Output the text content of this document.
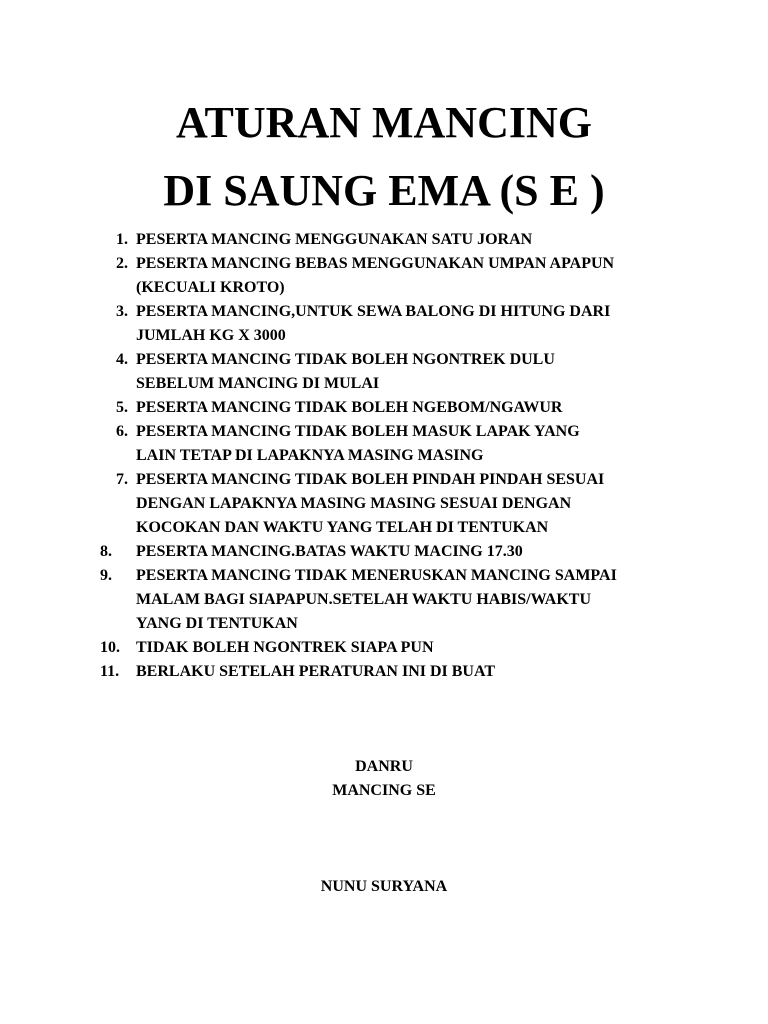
ATURAN MANCING
DI SAUNG EMA (S E )
1. PESERTA MANCING MENGGUNAKAN SATU JORAN
2. PESERTA MANCING BEBAS MENGGUNAKAN UMPAN APAPUN
(KECUALI KROTO)
3. PESERTA MANCING,UNTUK SEWA BALONG DI HITUNG DARI
JUMLAH KG X 3000
4. PESERTA MANCING TIDAK BOLEH NGONTREK DULU
SEBELUM MANCING DI MULAI
5. PESERTA MANCING TIDAK BOLEH NGEBOM/NGAWUR
6. PESERTA MANCING TIDAK BOLEH MASUK LAPAK YANG
LAIN TETAP DI LAPAKNYA MASING MASING
7. PESERTA MANCING TIDAK BOLEH PINDAH PINDAH SESUAI
DENGAN LAPAKNYA MASING MASING SESUAI DENGAN
KOCOKAN DAN WAKTU YANG TELAH DI TENTUKAN
8.	PESERTA MANCING.BATAS WAKTU MACING 17.30
9.	PESERTA MANCING TIDAK MENERUSKAN MANCING SAMPAI
MALAM BAGI SIAPAPUN.SETELAH WAKTU HABIS/WAKTU
YANG DI TENTUKAN
10.	TIDAK BOLEH NGONTREK SIAPA PUN
11.	BERLAKU SETELAH PERATURAN INI DI BUAT

DANRU

MANCING SE

NUNU SURYANA
